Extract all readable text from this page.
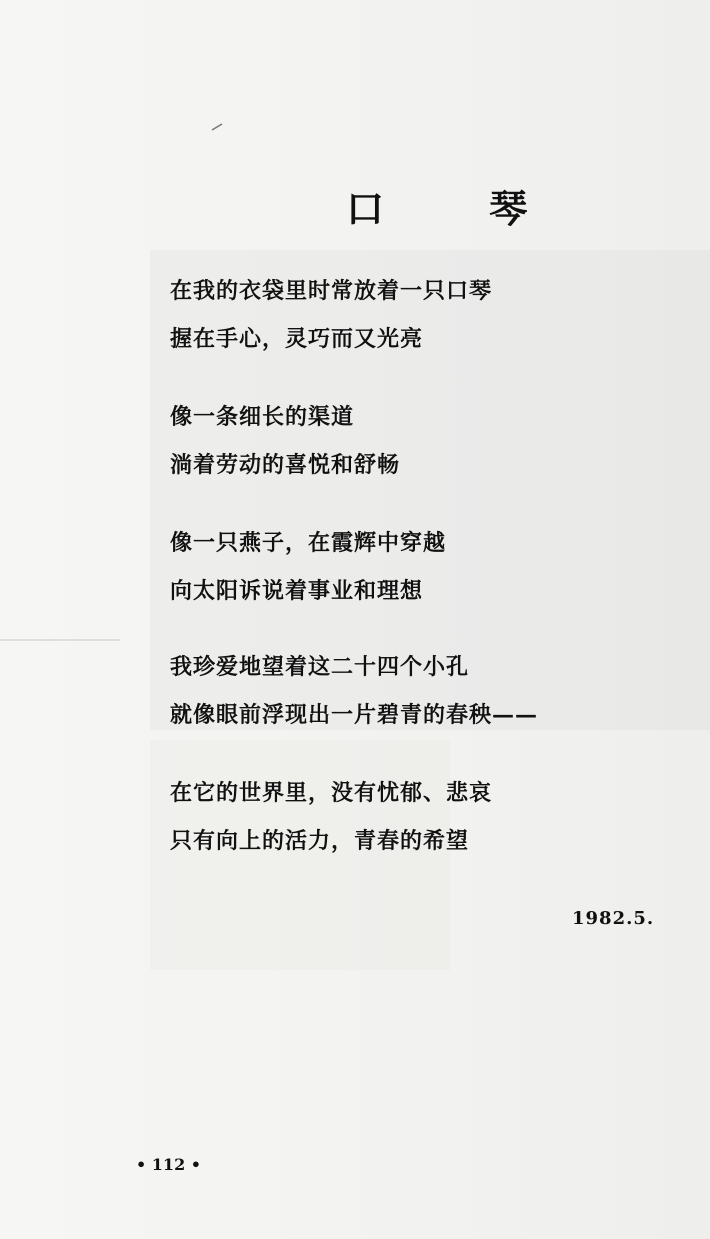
口 琴
在我的衣袋里时常放着一只口琴
握在手心，灵巧而又光亮
像一条细长的渠道
淌着劳动的喜悦和舒畅
像一只燕子，在霞辉中穿越
向太阳诉说着事业和理想
我珍爱地望着这二十四个小孔
就像眼前浮现出一片碧青的春秧——
在它的世界里，没有忧郁、悲哀
只有向上的活力，青春的希望
1982.5.
• 112 •
